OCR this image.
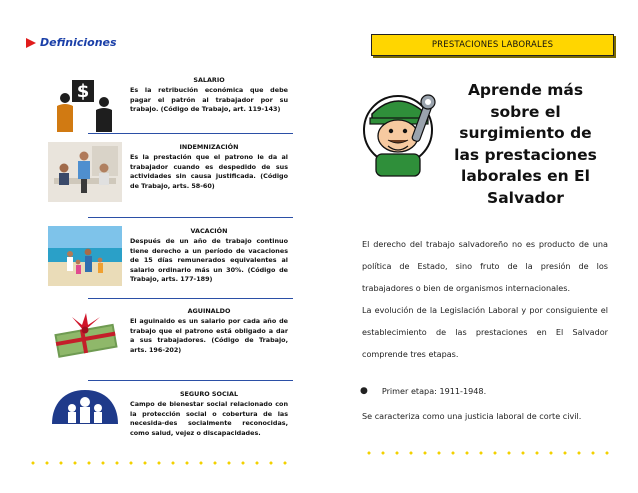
Definiciones
$
SALARIO
Es la retribución económica que debe pagar el patrón al trabajador por su trabajo. (Código de Trabajo, art. 119-143)
INDEMNIZACIÓN
Es la prestación que el patrono le da al trabajador cuando es despedido de sus actividades sin causa justificada. (Código de Trabajo, arts. 58-60)
VACACIÓN
Después de un año de trabajo continuo tiene derecho a un período de vacaciones de 15 días remunerados equivalentes al salario ordinario más un 30%. (Código de Trabajo, arts. 177-189)
AGUINALDO
El aguinaldo es un salario por cada año de trabajo que el patrono está obligado a dar a sus trabajadores. (Código de Trabajo, arts. 196-202)
SEGURO SOCIAL
Campo de bienestar social relacionado con la protección social o cobertura de las necesida-des socialmente reconocidas, como salud, vejez o discapacidades.
PRESTACIONES LABORALES
Aprende más sobre el surgimiento de las prestaciones laborales en El Salvador

El derecho del trabajo salvadoreño no es producto de una política de Estado, sino fruto de la presión de los trabajadores o bien de organismos internacionales.

La evolución de la Legislación Laboral y por consiguiente el establecimiento de las prestaciones en El Salvador comprende tres etapas.

● Primer etapa: 1911-1948.
Se caracteriza como una justicia laboral de corte civil.
